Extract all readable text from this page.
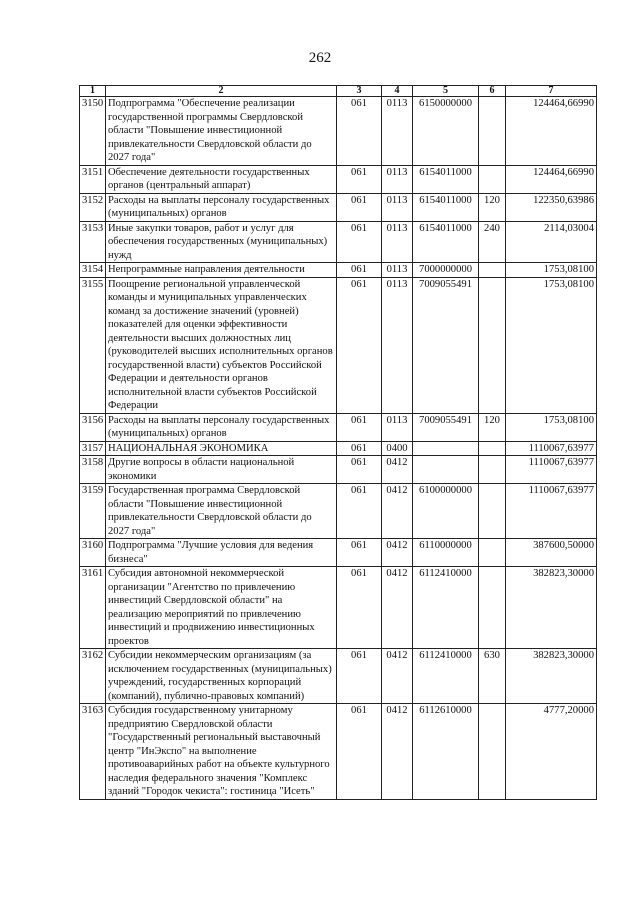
262
1	2	3	4	5	6	7
3150	Подпрограмма "Обеспечение реализации государственной программы Свердловской области "Повышение инвестиционной привлекательности Свердловской области до 2027 года"	061	0113	6150000000		124464,66990
3151	Обеспечение деятельности государственных органов (центральный аппарат)	061	0113	6154011000		124464,66990
3152	Расходы на выплаты персоналу государственных (муниципальных) органов	061	0113	6154011000	120	122350,63986
3153	Иные закупки товаров, работ и услуг для обеспечения государственных (муниципальных) нужд	061	0113	6154011000	240	2114,03004
3154	Непрограммные направления деятельности	061	0113	7000000000		1753,08100
3155	Поощрение региональной управленческой команды и муниципальных управленческих команд за достижение значений (уровней) показателей для оценки эффективности деятельности высших должностных лиц (руководителей высших исполнительных органов государственной власти) субъектов Российской Федерации и деятельности органов исполнительной власти субъектов Российской Федерации	061	0113	7009055491		1753,08100
3156	Расходы на выплаты персоналу государственных (муниципальных) органов	061	0113	7009055491	120	1753,08100
3157	НАЦИОНАЛЬНАЯ ЭКОНОМИКА	061	0400			1110067,63977
3158	Другие вопросы в области национальной экономики	061	0412			1110067,63977
3159	Государственная программа Свердловской области "Повышение инвестиционной привлекательности Свердловской области до 2027 года"	061	0412	6100000000		1110067,63977
3160	Подпрограмма "Лучшие условия для ведения бизнеса"	061	0412	6110000000		387600,50000
3161	Субсидия автономной некоммерческой организации "Агентство по привлечению инвестиций Свердловской области" на реализацию мероприятий по привлечению инвестиций и продвижению инвестиционных проектов	061	0412	6112410000		382823,30000
3162	Субсидии некоммерческим организациям (за исключением государственных (муниципальных) учреждений, государственных корпораций (компаний), публично-правовых компаний)	061	0412	6112410000	630	382823,30000
3163	Субсидия государственному унитарному предприятию Свердловской области "Государственный региональный выставочный центр "ИнЭкспо" на выполнение противоаварийных работ на объекте культурного наследия федерального значения "Комплекс зданий "Городок чекиста": гостиница "Исеть"	061	0412	6112610000		4777,20000
